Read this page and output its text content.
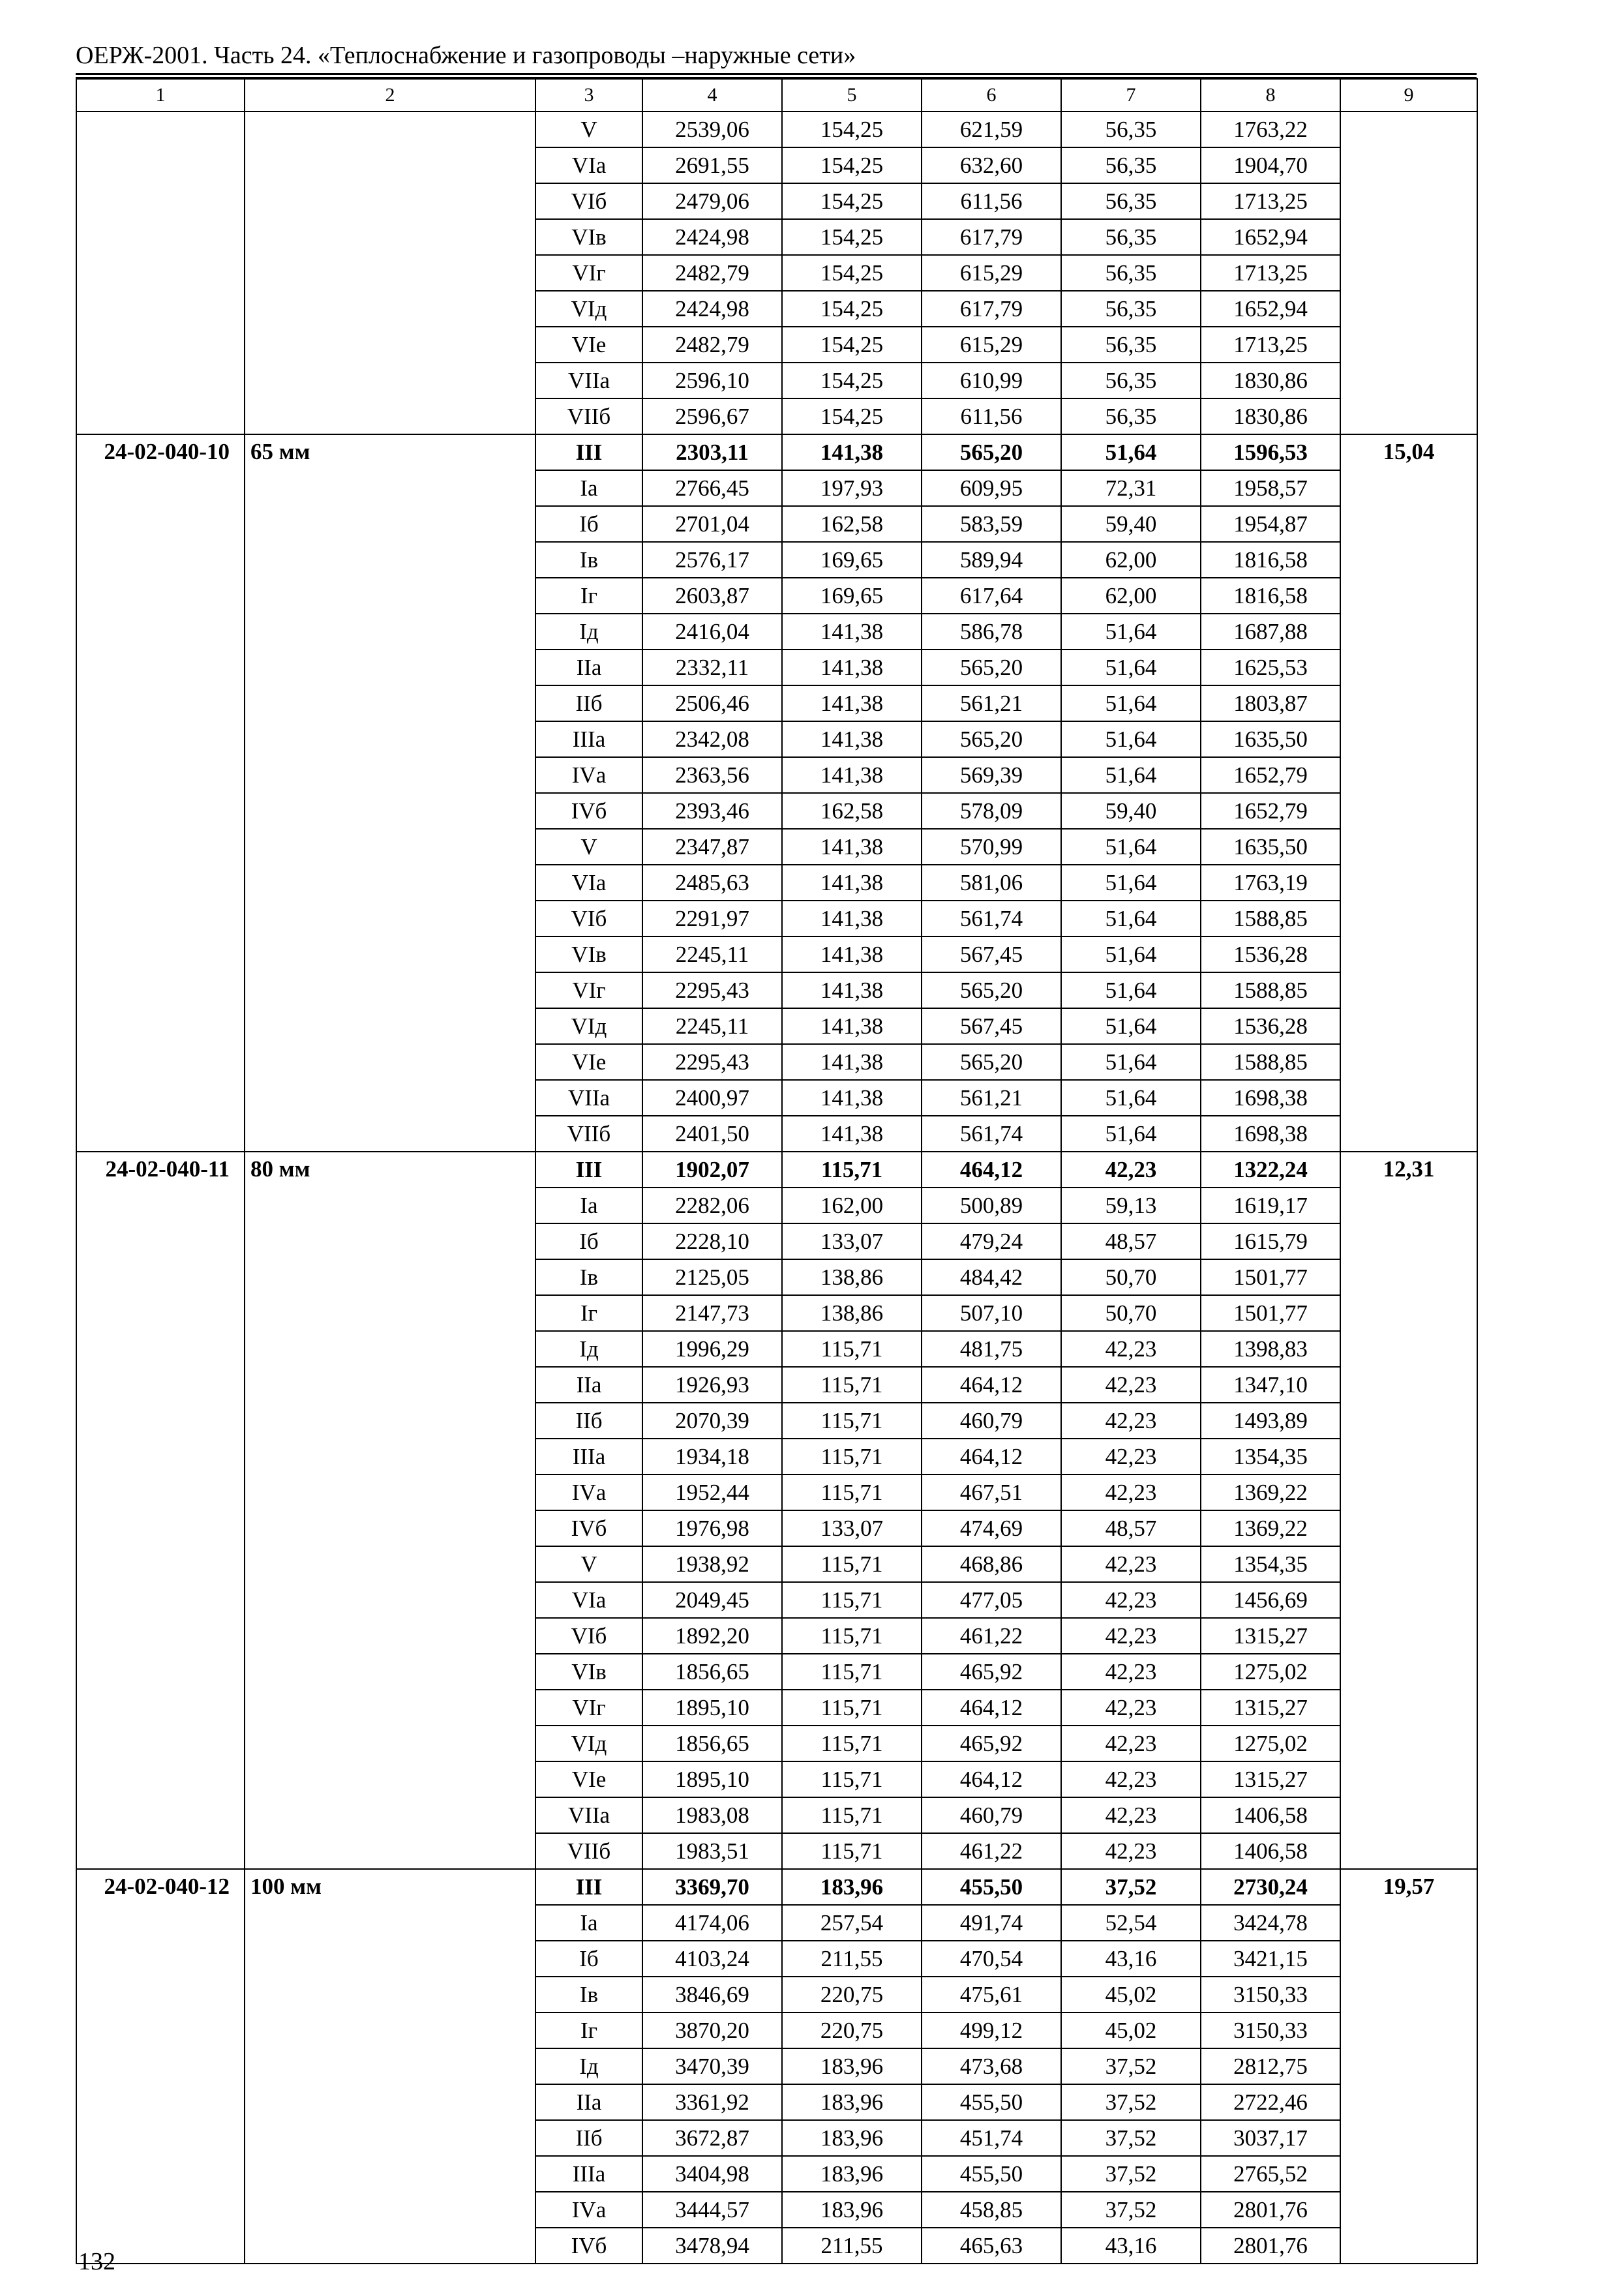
ОЕРЖ-2001. Часть 24. «Теплоснабжение и газопроводы –наружные сети»
1	2	3	4	5	6	7	8	9
		V	2539,06	154,25	621,59	56,35	1763,22	
		VIа	2691,55	154,25	632,60	56,35	1904,70	
		VIб	2479,06	154,25	611,56	56,35	1713,25	
		VIв	2424,98	154,25	617,79	56,35	1652,94	
		VIг	2482,79	154,25	615,29	56,35	1713,25	
		VIд	2424,98	154,25	617,79	56,35	1652,94	
		VIе	2482,79	154,25	615,29	56,35	1713,25	
		VIIа	2596,10	154,25	610,99	56,35	1830,86	
		VIIб	2596,67	154,25	611,56	56,35	1830,86	
24-02-040-10	65 мм	III	2303,11	141,38	565,20	51,64	1596,53	15,04
		Iа	2766,45	197,93	609,95	72,31	1958,57	
		Iб	2701,04	162,58	583,59	59,40	1954,87	
		Iв	2576,17	169,65	589,94	62,00	1816,58	
		Iг	2603,87	169,65	617,64	62,00	1816,58	
		Iд	2416,04	141,38	586,78	51,64	1687,88	
		IIа	2332,11	141,38	565,20	51,64	1625,53	
		IIб	2506,46	141,38	561,21	51,64	1803,87	
		IIIа	2342,08	141,38	565,20	51,64	1635,50	
		IVа	2363,56	141,38	569,39	51,64	1652,79	
		IVб	2393,46	162,58	578,09	59,40	1652,79	
		V	2347,87	141,38	570,99	51,64	1635,50	
		VIа	2485,63	141,38	581,06	51,64	1763,19	
		VIб	2291,97	141,38	561,74	51,64	1588,85	
		VIв	2245,11	141,38	567,45	51,64	1536,28	
		VIг	2295,43	141,38	565,20	51,64	1588,85	
		VIд	2245,11	141,38	567,45	51,64	1536,28	
		VIе	2295,43	141,38	565,20	51,64	1588,85	
		VIIа	2400,97	141,38	561,21	51,64	1698,38	
		VIIб	2401,50	141,38	561,74	51,64	1698,38	
24-02-040-11	80 мм	III	1902,07	115,71	464,12	42,23	1322,24	12,31
		Iа	2282,06	162,00	500,89	59,13	1619,17	
		Iб	2228,10	133,07	479,24	48,57	1615,79	
		Iв	2125,05	138,86	484,42	50,70	1501,77	
		Iг	2147,73	138,86	507,10	50,70	1501,77	
		Iд	1996,29	115,71	481,75	42,23	1398,83	
		IIа	1926,93	115,71	464,12	42,23	1347,10	
		IIб	2070,39	115,71	460,79	42,23	1493,89	
		IIIа	1934,18	115,71	464,12	42,23	1354,35	
		IVа	1952,44	115,71	467,51	42,23	1369,22	
		IVб	1976,98	133,07	474,69	48,57	1369,22	
		V	1938,92	115,71	468,86	42,23	1354,35	
		VIа	2049,45	115,71	477,05	42,23	1456,69	
		VIб	1892,20	115,71	461,22	42,23	1315,27	
		VIв	1856,65	115,71	465,92	42,23	1275,02	
		VIг	1895,10	115,71	464,12	42,23	1315,27	
		VIд	1856,65	115,71	465,92	42,23	1275,02	
		VIе	1895,10	115,71	464,12	42,23	1315,27	
		VIIа	1983,08	115,71	460,79	42,23	1406,58	
		VIIб	1983,51	115,71	461,22	42,23	1406,58	
24-02-040-12	100 мм	III	3369,70	183,96	455,50	37,52	2730,24	19,57
		Iа	4174,06	257,54	491,74	52,54	3424,78	
		Iб	4103,24	211,55	470,54	43,16	3421,15	
		Iв	3846,69	220,75	475,61	45,02	3150,33	
		Iг	3870,20	220,75	499,12	45,02	3150,33	
		Iд	3470,39	183,96	473,68	37,52	2812,75	
		IIа	3361,92	183,96	455,50	37,52	2722,46	
		IIб	3672,87	183,96	451,74	37,52	3037,17	
		IIIа	3404,98	183,96	455,50	37,52	2765,52	
		IVа	3444,57	183,96	458,85	37,52	2801,76	
		IVб	3478,94	211,55	465,63	43,16	2801,76	
132
